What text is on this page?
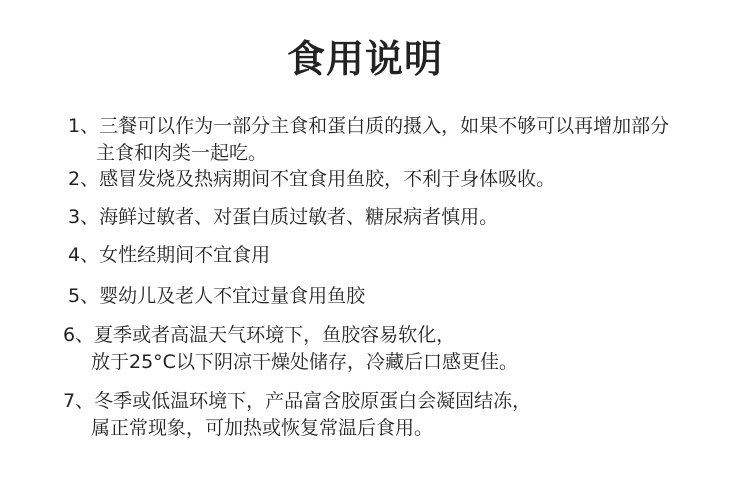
食用说明
1、三餐可以作为一部分主食和蛋白质的摄入，如果不够可以再增加部分
主食和肉类一起吃。
2、感冒发烧及热病期间不宜食用鱼胶，不利于身体吸收。
3、海鲜过敏者、对蛋白质过敏者、糖尿病者慎用。
4、女性经期间不宜食用
5、婴幼儿及老人不宜过量食用鱼胶
6、夏季或者高温天气环境下，鱼胶容易软化，
放于25°C以下阴凉干燥处储存，冷藏后口感更佳。
7、冬季或低温环境下，产品富含胶原蛋白会凝固结冻，
属正常现象，可加热或恢复常温后食用。
